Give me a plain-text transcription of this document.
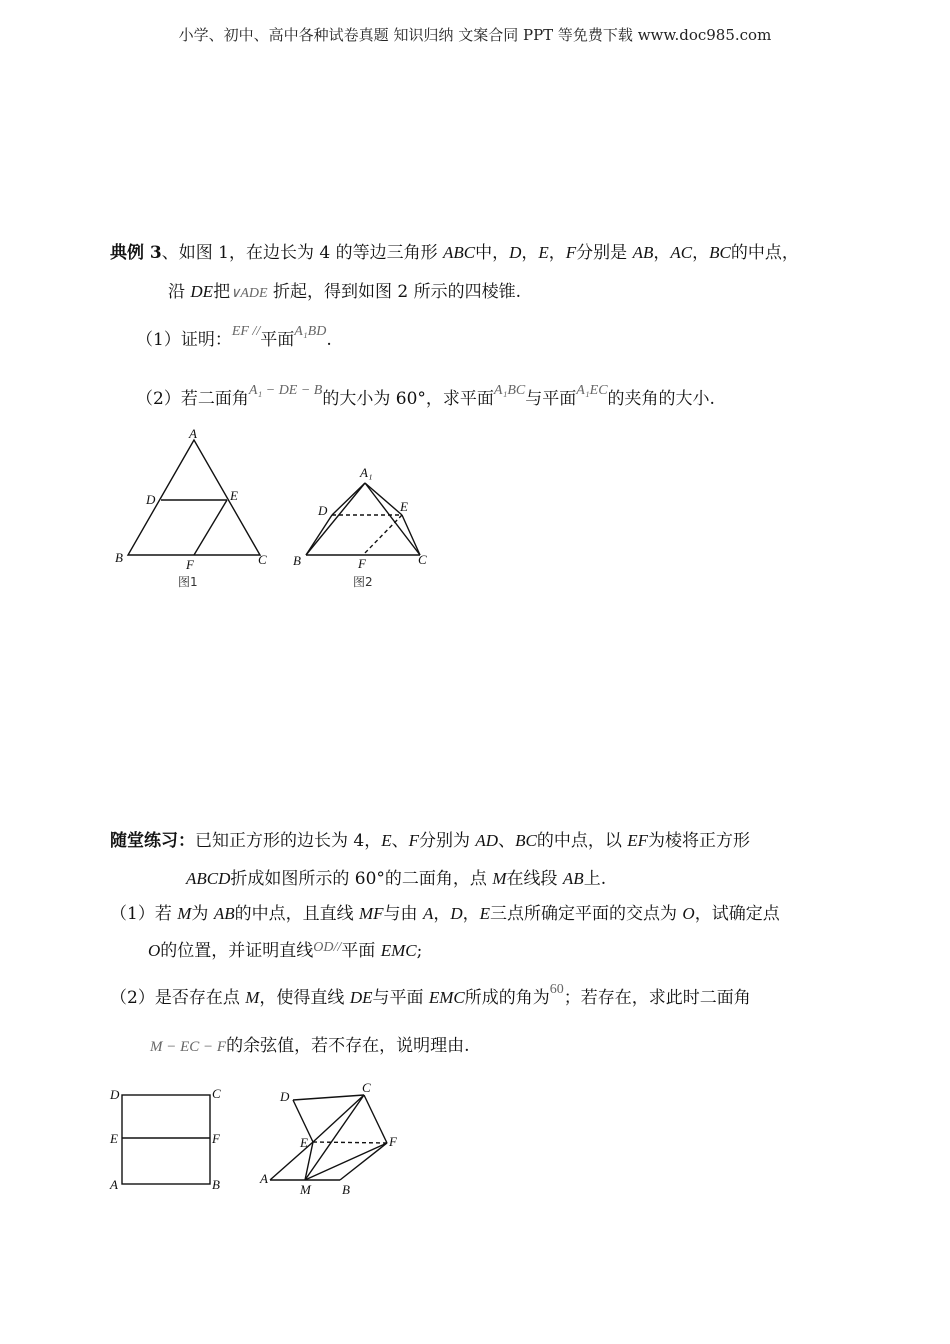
小学、初中、高中各种试卷真题 知识归纳 文案合同 PPT 等免费下载 www.doc985.com
典例 3、如图 1，在边长为 4 的等边三角形 ABC中，D，E，F分别是 AB，AC，BC的中点，
沿 DE把∨ADE 折起，得到如图 2 所示的四棱锥.
（1）证明：$^{EF //}$平面$^{A_1BD}$.
（2）若二面角$^{A_1 - DE - B}$的大小为 60°，求平面$^{A_1BC}$与平面$^{A_1EC}$的夹角的大小.
A
D	E
B	F	C
图1
A₁
D	E
B	F	C
图2
随堂练习：已知正方形的边长为 4，E、F分别为 AD、BC的中点，以 EF为棱将正方形
ABCD折成如图所示的 60°的二面角，点 M在线段 AB上.
（1）若 M为 AB的中点，且直线 MF与由 A，D，E三点所确定平面的交点为 O，试确定点
O的位置，并证明直线$^{OD//}$平面 EMC;
（2）是否存在点 M，使得直线 DE与平面 EMC所成的角为$^{60}$；若存在，求此时二面角
M − EC − F的余弦值，若不存在，说明理由.
D	C
E	F
A	B
D
C
E	F
A
M B
